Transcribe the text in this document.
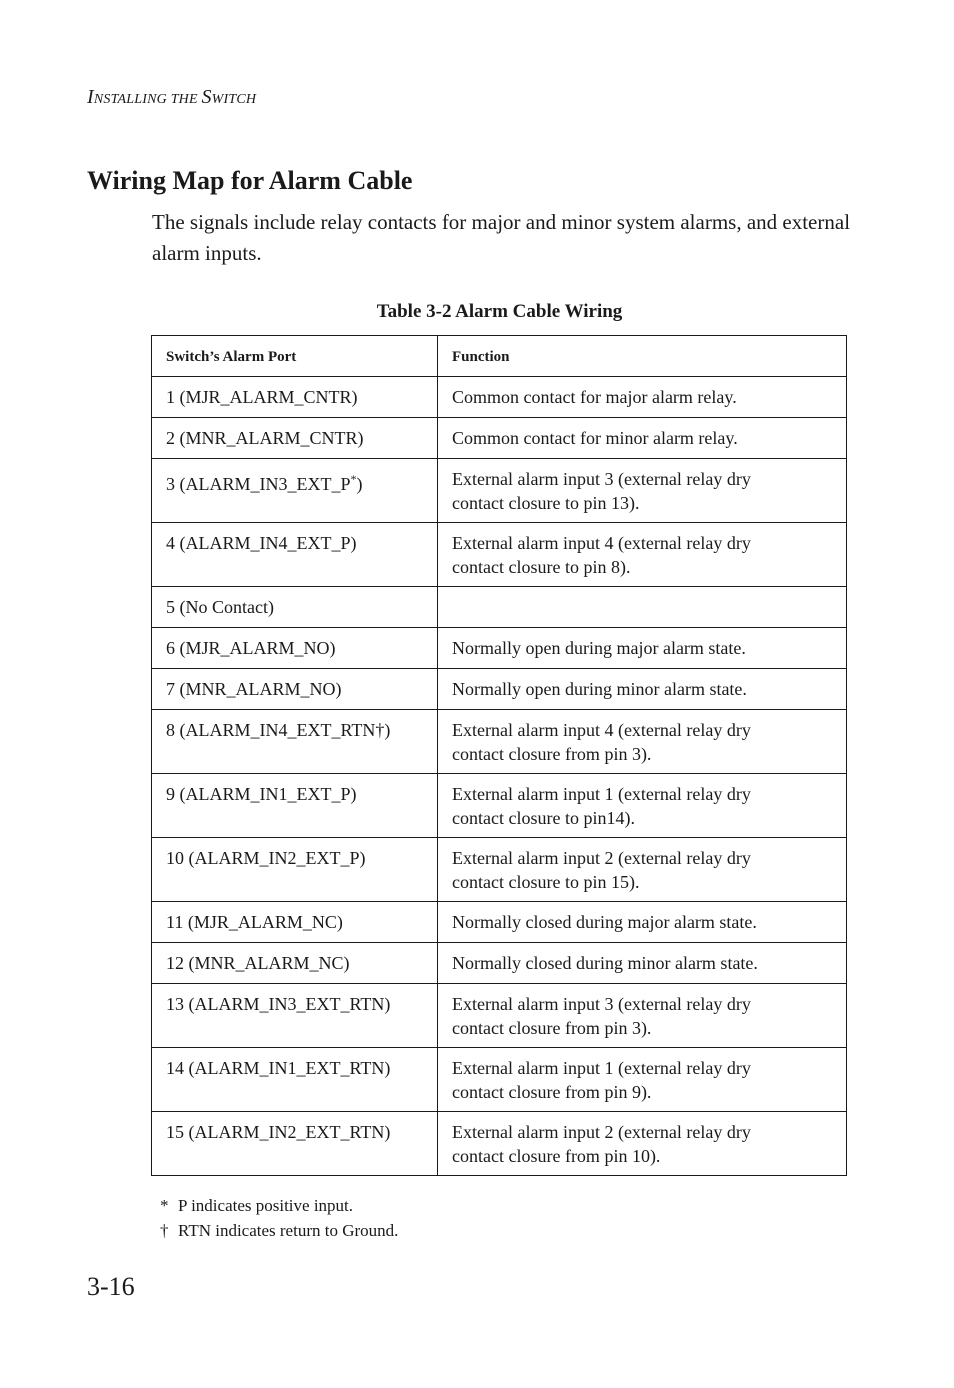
INSTALLING THE SWITCH
Wiring Map for Alarm Cable

The signals include relay contacts for major and minor system alarms, and external alarm inputs.

Table 3-2 Alarm Cable Wiring
Switch’s Alarm Port	Function
1 (MJR_ALARM_CNTR)	Common contact for major alarm relay.

2 (MNR_ALARM_CNTR)	Common contact for minor alarm relay.

3 (ALARM_IN3_EXT_P*)	External alarm input 3 (external relay dry
contact closure to pin 13).

4 (ALARM_IN4_EXT_P)	External alarm input 4 (external relay dry
contact closure to pin 8).

5 (No Contact)	

6 (MJR_ALARM_NO)	Normally open during major alarm state.

7 (MNR_ALARM_NO)	Normally open during minor alarm state.

8 (ALARM_IN4_EXT_RTN†)	External alarm input 4 (external relay dry
contact closure from pin 3).

9 (ALARM_IN1_EXT_P)	External alarm input 1 (external relay dry
contact closure to pin14).

10 (ALARM_IN2_EXT_P)	External alarm input 2 (external relay dry
contact closure to pin 15).

11 (MJR_ALARM_NC)	Normally closed during major alarm state.

12 (MNR_ALARM_NC)	Normally closed during minor alarm state.

13 (ALARM_IN3_EXT_RTN)	External alarm input 3 (external relay dry
contact closure from pin 3).

14 (ALARM_IN1_EXT_RTN)	External alarm input 1 (external relay dry
contact closure from pin 9).

15 (ALARM_IN2_EXT_RTN)	External alarm input 2 (external relay dry
contact closure from pin 10).
* P indicates positive input.
† RTN indicates return to Ground.
3-16
